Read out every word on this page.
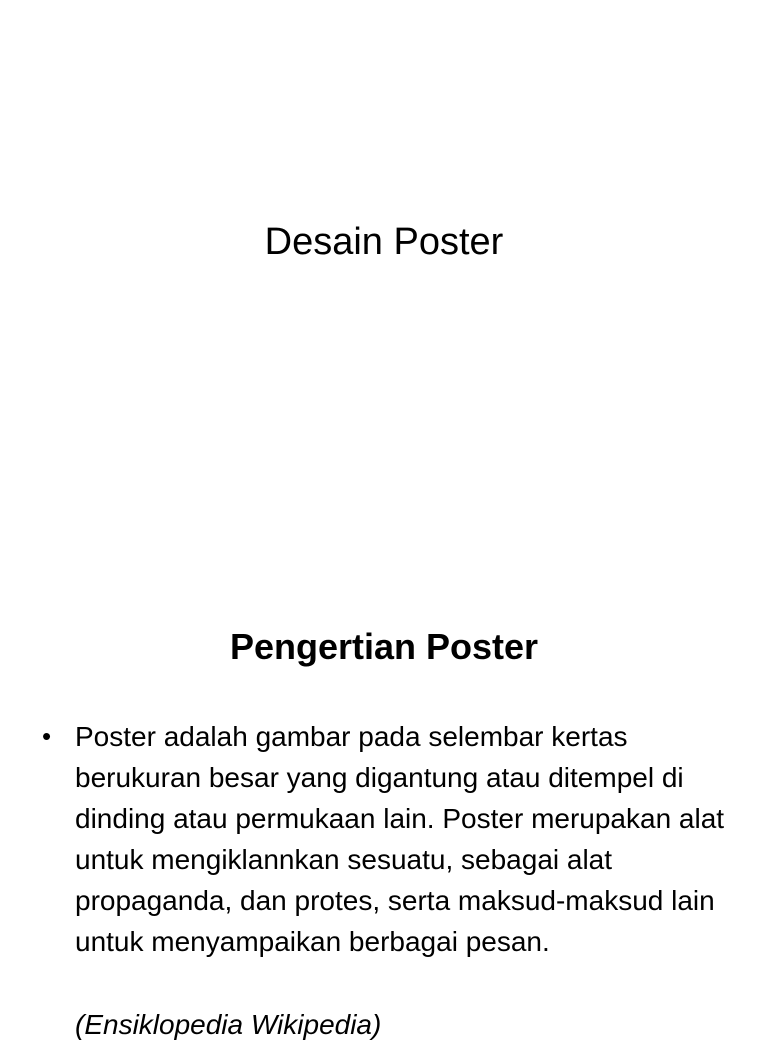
Desain Poster
Pengertian Poster
• Poster adalah gambar pada selembar kertas berukuran besar yang digantung atau ditempel di dinding atau permukaan lain. Poster merupakan alat untuk mengiklannkan sesuatu, sebagai alat propaganda, dan protes, serta maksud-maksud lain untuk menyampaikan berbagai pesan.
(Ensiklopedia Wikipedia)
